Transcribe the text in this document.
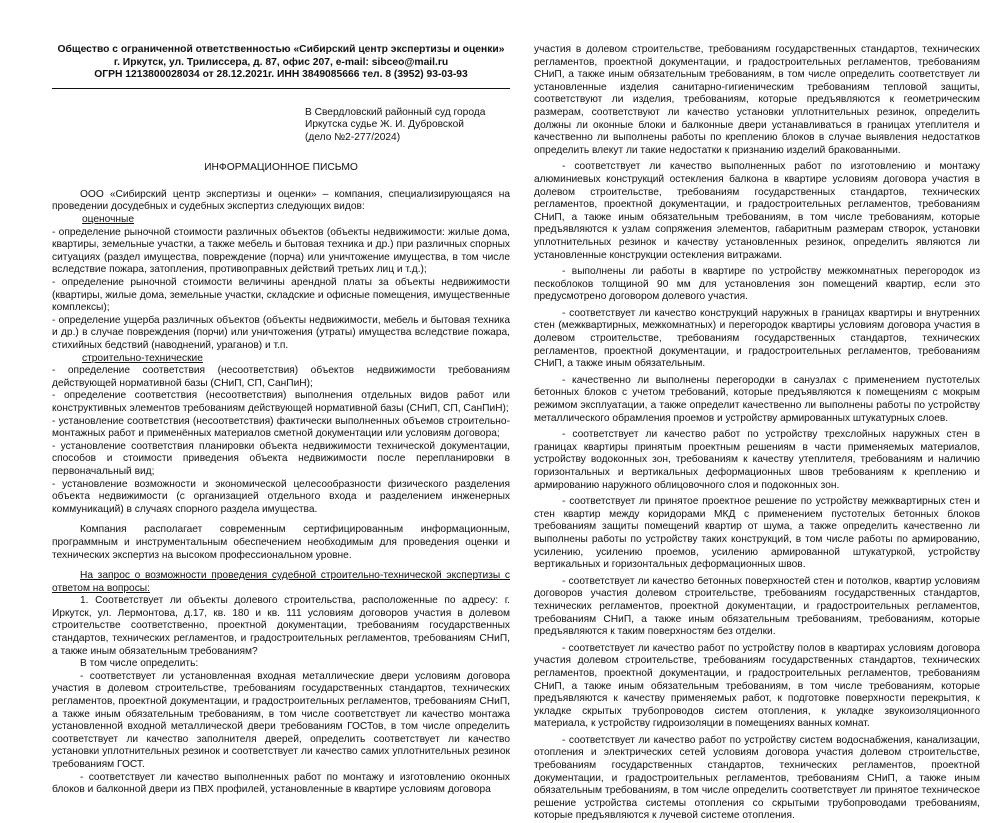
Общество с ограниченной ответственностью «Сибирский центр экспертизы и оценки»
г. Иркутск, ул. Трилиссера, д. 87, офис 207, e-mail: sibceo@mail.ru
ОГРН 1213800028034 от 28.12.2021г. ИНН 3849085666 тел. 8 (3952) 93-03-93
В Свердловский районный суд города
Иркутска судье Ж. И. Дубровской
(дело №2-277/2024)
ИНФОРМАЦИОННОЕ ПИСЬМО

ООО «Сибирский центр экспертизы и оценки» – компания, специализирующаяся на проведении досудебных и судебных экспертиз следующих видов:

оценочные

- определение рыночной стоимости различных объектов (объекты недвижимости: жилые дома, квартиры, земельные участки, а также мебель и бытовая техника и др.) при различных спорных ситуациях (раздел имущества, повреждение (порча) или уничтожение имущества, в том числе вследствие пожара, затопления, противоправных действий третьих лиц и т.д.);

- определение рыночной стоимости величины арендной платы за объекты недвижимости (квартиры, жилые дома, земельные участки, складские и офисные помещения, имущественные комплексы);

- определение ущерба различных объектов (объекты недвижимости, мебель и бытовая техника и др.) в случае повреждения (порчи) или уничтожения (утраты) имущества вследствие пожара, стихийных бедствий (наводнений, ураганов) и т.п.

строительно-технические

- определение соответствия (несоответствия) объектов недвижимости требованиям действующей нормативной базы (СНиП, СП, СанПиН);

- определение соответствия (несоответствия) выполнения отдельных видов работ или конструктивных элементов требованиям действующей нормативной базы (СНиП, СП, СанПиН);

- установление соответствия (несоответствия) фактически выполненных объемов строительно-монтажных работ и применённых материалов сметной документации или условиям договора;

- установление соответствия планировки объекта недвижимости технической документации, способов и стоимости приведения объекта недвижимости после перепланировки в первоначальный вид;

- установление возможности и экономической целесообразности физического разделения объекта недвижимости (с организацией отдельного входа и разделением инженерных коммуникаций) в случаях спорного раздела имущества.

Компания располагает современным сертифицированным информационным, программным и инструментальным обеспечением необходимым для проведения оценки и технических экспертиз на высоком профессиональном уровне.

На запрос о возможности проведения судебной строительно-технической экспертизы с ответом на вопросы:

1. Соответствует ли объекты долевого строительства, расположенные по адресу: г. Иркутск, ул. Лермонтова, д.17, кв. 180 и кв. 111 условиям договоров участия в долевом строительстве соответственно, проектной документации, требованиям государственных стандартов, технических регламентов, и градостроительных регламентов, требованиям СНиП, а также иным обязательным требованиям?

В том числе определить:

- соответствует ли установленная входная металлические двери условиям договора участия в долевом строительстве, требованиям государственных стандартов, технических регламентов, проектной документации, и градостроительных регламентов, требованиям СНиП, а также иным обязательным требованиям, в том числе соответствует ли качество монтажа установленной входной металлической двери требованиям ГОСТов, в том числе определить соответствует ли качество заполнителя дверей, определить соответствует ли качество установки уплотнительных резинок и соответствует ли качество самих уплотнительных резинок требованиям ГОСТ.

- соответствует ли качество выполненных работ по монтажу и изготовлению оконных блоков и балконной двери из ПВХ профилей, установленные в квартире условиям договора

участия в долевом строительстве, требованиям государственных стандартов, технических регламентов, проектной документации, и градостроительных регламентов, требованиям СНиП, а также иным обязательным требованиям, в том числе определить соответствует ли установленные изделия санитарно-гигиеническим требованиям тепловой защиты, соответствуют ли изделия, требованиям, которые предъявляются к геометрическим размерам, соответствуют ли качество установки уплотнительных резинок, определить должны ли оконные блоки и балконные двери устанавливаться в границах утеплителя и качественно ли выполнены работы по креплению блоков в случае выявления недостатков определить влекут ли такие недостатки к признанию изделий бракованными.

- соответствует ли качество выполненных работ по изготовлению и монтажу алюминиевых конструкций остекления балкона в квартире условиям договора участия в долевом строительстве, требованиям государственных стандартов, технических регламентов, проектной документации, и градостроительных регламентов, требованиям СНиП, а также иным обязательным требованиям, в том числе требованиям, которые предъявляются к узлам сопряжения элементов, габаритным размерам створок, установки уплотнительных резинок и качеству установленных резинок, определить являются ли установленные конструкции остекления витражами.

- выполнены ли работы в квартире по устройству межкомнатных перегородок из пескоблоков толщиной 90 мм для установления зон помещений квартир, если это предусмотрено договором долевого участия.

- соответствует ли качество конструкций наружных в границах квартиры и внутренних стен (межквартирных, межкомнатных) и перегородок квартиры условиям договора участия в долевом строительстве, требованиям государственных стандартов, технических регламентов, проектной документации, и градостроительных регламентов, требованиям СНиП, а также иным обязательным.

- качественно ли выполнены перегородки в санузлах с применением пустотелых бетонных блоков с учетом требований, которые предъявляются к помещениям с мокрым режимом эксплуатации, а также определит качественно ли выполнены работы по устройству металлического обрамления проемов и устройству армированных штукатурных слоев.

- соответствует ли качество работ по устройству трехслойных наружных стен в границах квартиры принятым проектным решениям в части применяемых материалов, устройству водоконных зон, требованиям к качеству утеплителя, требованиям и наличию горизонтальных и вертикальных деформационных швов требованиям к креплению и армированию наружного облицовочного слоя и подоконных зон.

- соответствует ли принятое проектное решение по устройству межквартирных стен и стен квартир между коридорами МКД с применением пустотелых бетонных блоков требованиям защиты помещений квартир от шума, а также определить качественно ли выполнены работы по устройству таких конструкций, в том числе работы по армированию, усилению, усилению проемов, усилению армированной штукатуркой, устройству вертикальных и горизонтальных деформационных швов.

- соответствует ли качество бетонных поверхностей стен и потолков, квартир условиям договоров участия долевом строительстве, требованиям государственных стандартов, технических регламентов, проектной документации, и градостроительных регламентов, требованиям СНиП, а также иным обязательным требованиям, требованиям, которые предъявляются к таким поверхностям без отделки.

- соответствует ли качество работ по устройству полов в квартирах условиям договора участия долевом строительстве, требованиям государственных стандартов, технических регламентов, проектной документации, и градостроительных регламентов, требованиям СНиП, а также иным обязательным требованиям, в том числе требованиям, которые предъявляются к качеству применяемых работ, к подготовке поверхности перекрытия, к укладке скрытых трубопроводов систем отопления, к укладке звукоизоляционного материала, к устройству гидроизоляции в помещениях ванных комнат.

- соответствует ли качество работ по устройству систем водоснабжения, канализации, отопления и электрических сетей условиям договора участия долевом строительстве, требованиям государственных стандартов, технических регламентов, проектной документации, и градостроительных регламентов, требованиям СНиП, а также иным обязательным требованиям, в том числе определить соответствует ли принятое техническое решение устройства системы отопления со скрытыми трубопроводами требованиям, которые предъявляются к лучевой системе отопления.
